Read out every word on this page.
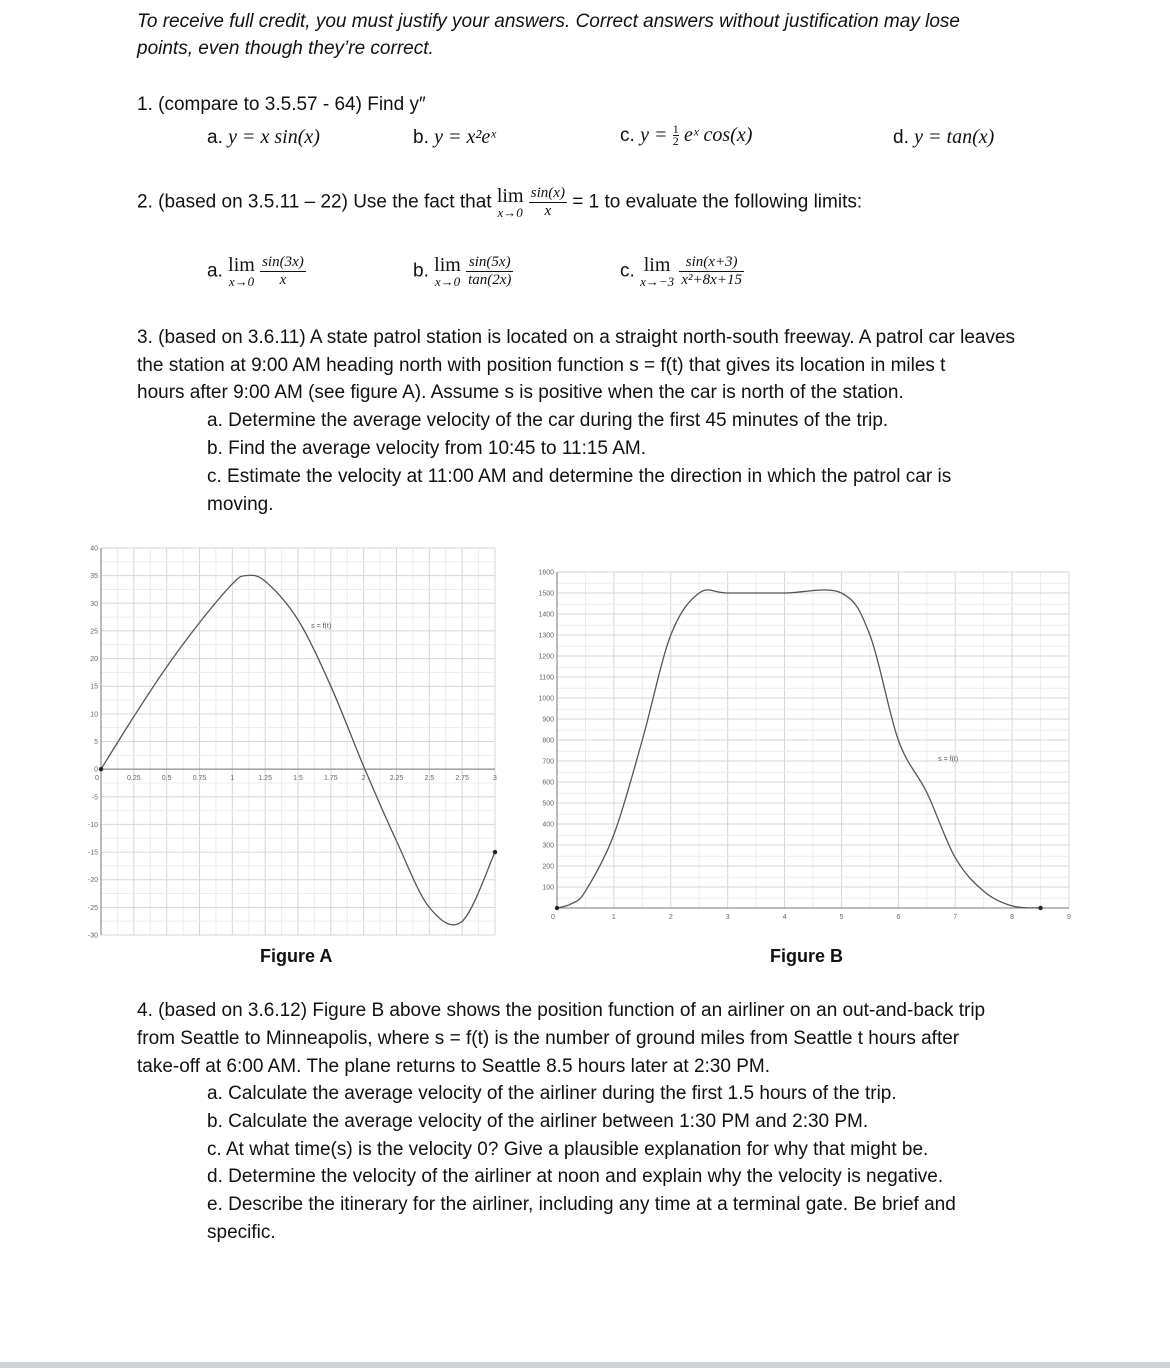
To receive full credit, you must justify your answers. Correct answers without justification may lose
points, even though they’re correct.
1. (compare to 3.5.57 - 64) Find y″
a. y = x sin(x)	b. y = x²eˣ	c. $y = \frac{1}{2}$ eˣ cos(x)	d. y = tan(x)
2. (based on 3.5.11 – 22) Use the fact that lim
x→0
$\frac{\sin(x)}{x} = 1$ to evaluate the following limits:
a. lim
x→0
$\frac{\sin(3x)}{x}$	b. lim
x→0
$\frac{\sin(5x)}{\tan(2x)}$	c. lim
x→−3
$\frac{\sin(x+3)}{\text{x²+8x+15}}$
3. (based on 3.6.11) A state patrol station is located on a straight north-south freeway. A patrol car leaves
the station at 9:00 AM heading north with position function s = f(t) that gives its location in miles t
hours after 9:00 AM (see figure A). Assume s is positive when the car is north of the station.
a. Determine the average velocity of the car during the first 45 minutes of the trip.
b. Find the average velocity from 10:45 to 11:15 AM.
c. Estimate the velocity at 11:00 AM and determine the direction in which the patrol car is
moving.
0	0.25	0.5	0.75	1	1.25	1.5	1.75	2	2.25	2.5	2.75	3
40
35
30
25
20
15
10
5
0
-5
-10
-15
-20
-25
-30
s = f(t)
Figure A
0	1	2	3	4	5	6	7	8	9
1600
1500
1400
1300
1200
1100
1000
900
800
700
600
500
400
300
200
100
s = f(t)
Figure B
4. (based on 3.6.12) Figure B above shows the position function of an airliner on an out-and-back trip
from Seattle to Minneapolis, where s = f(t) is the number of ground miles from Seattle t hours after
take-off at 6:00 AM. The plane returns to Seattle 8.5 hours later at 2:30 PM.
a. Calculate the average velocity of the airliner during the first 1.5 hours of the trip.
b. Calculate the average velocity of the airliner between 1:30 PM and 2:30 PM.
c. At what time(s) is the velocity 0? Give a plausible explanation for why that might be.
d. Determine the velocity of the airliner at noon and explain why the velocity is negative.
e. Describe the itinerary for the airliner, including any time at a terminal gate. Be brief and
specific.
